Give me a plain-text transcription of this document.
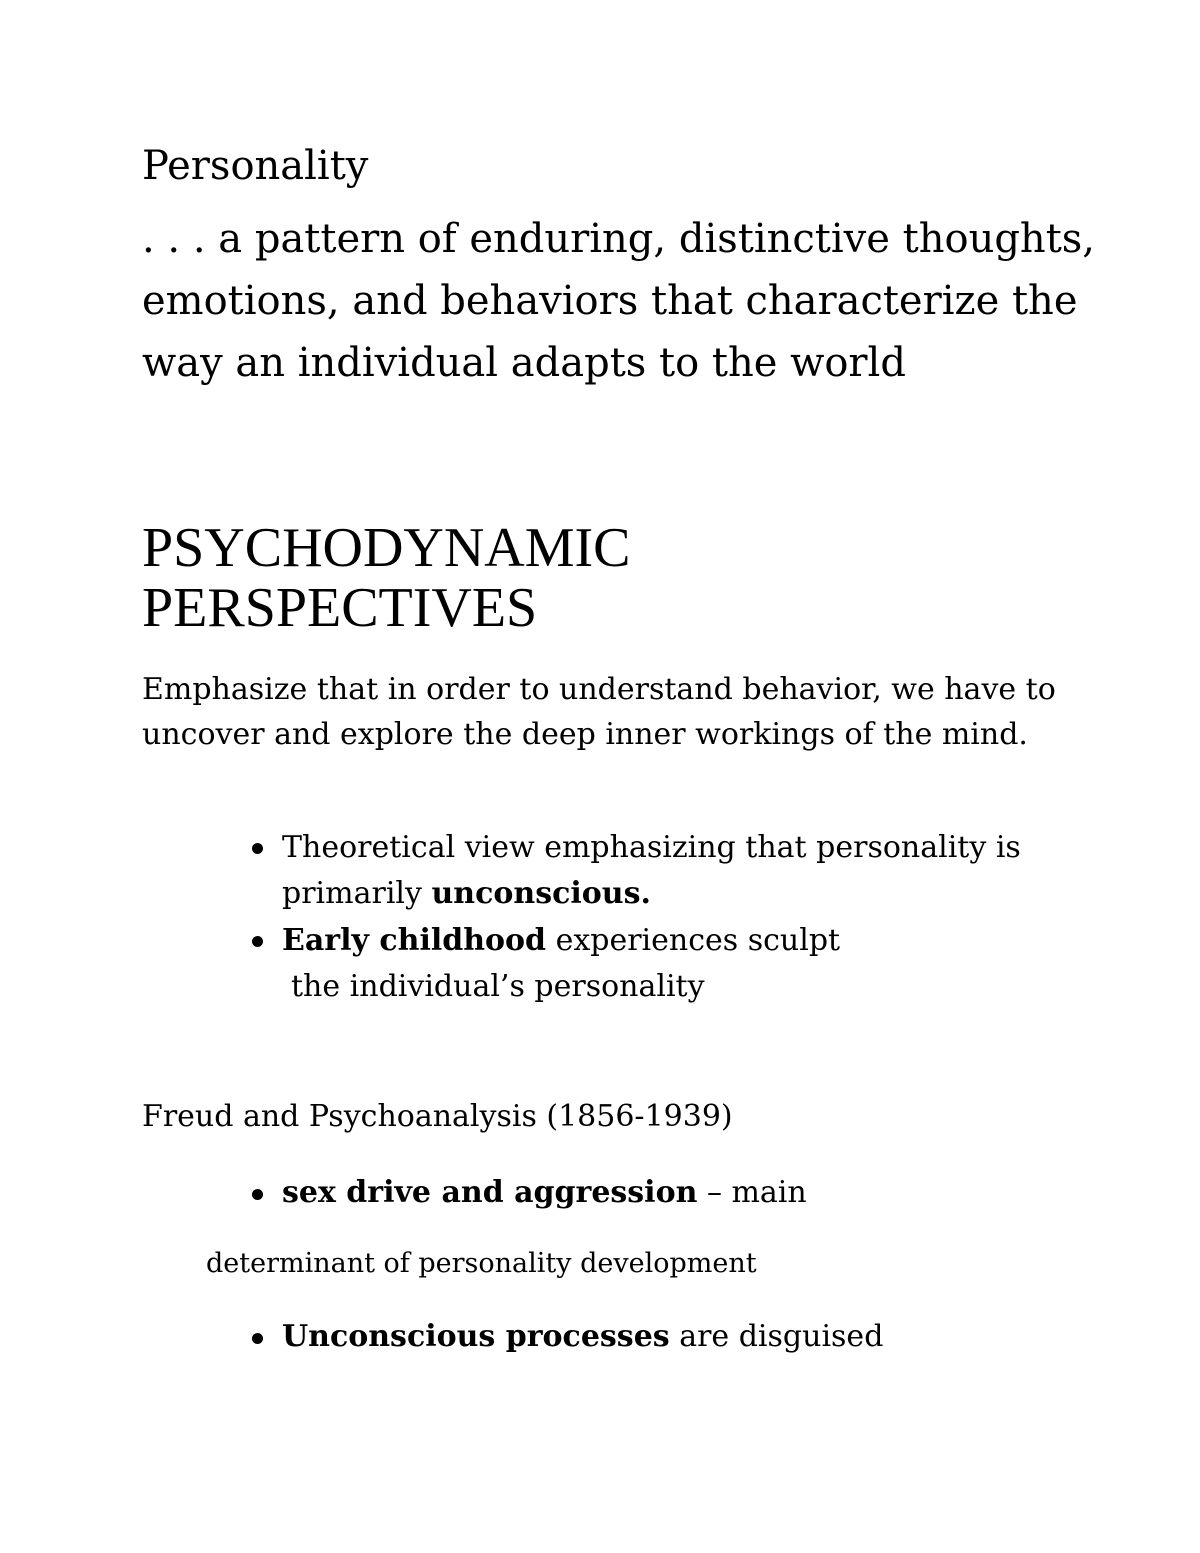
Personality
. . . a pattern of enduring, distinctive thoughts, emotions, and behaviors that characterize the way an individual adapts to the world
PSYCHODYNAMIC
PERSPECTIVES
Emphasize that in order to understand behavior, we have to uncover and explore the deep inner workings of the mind.
Theoretical view emphasizing that personality is
primarily unconscious.
Early childhood experiences sculpt
the individual’s personality
Freud and Psychoanalysis (1856-1939)
sex drive and aggression – main
determinant of personality development
Unconscious processes are disguised
